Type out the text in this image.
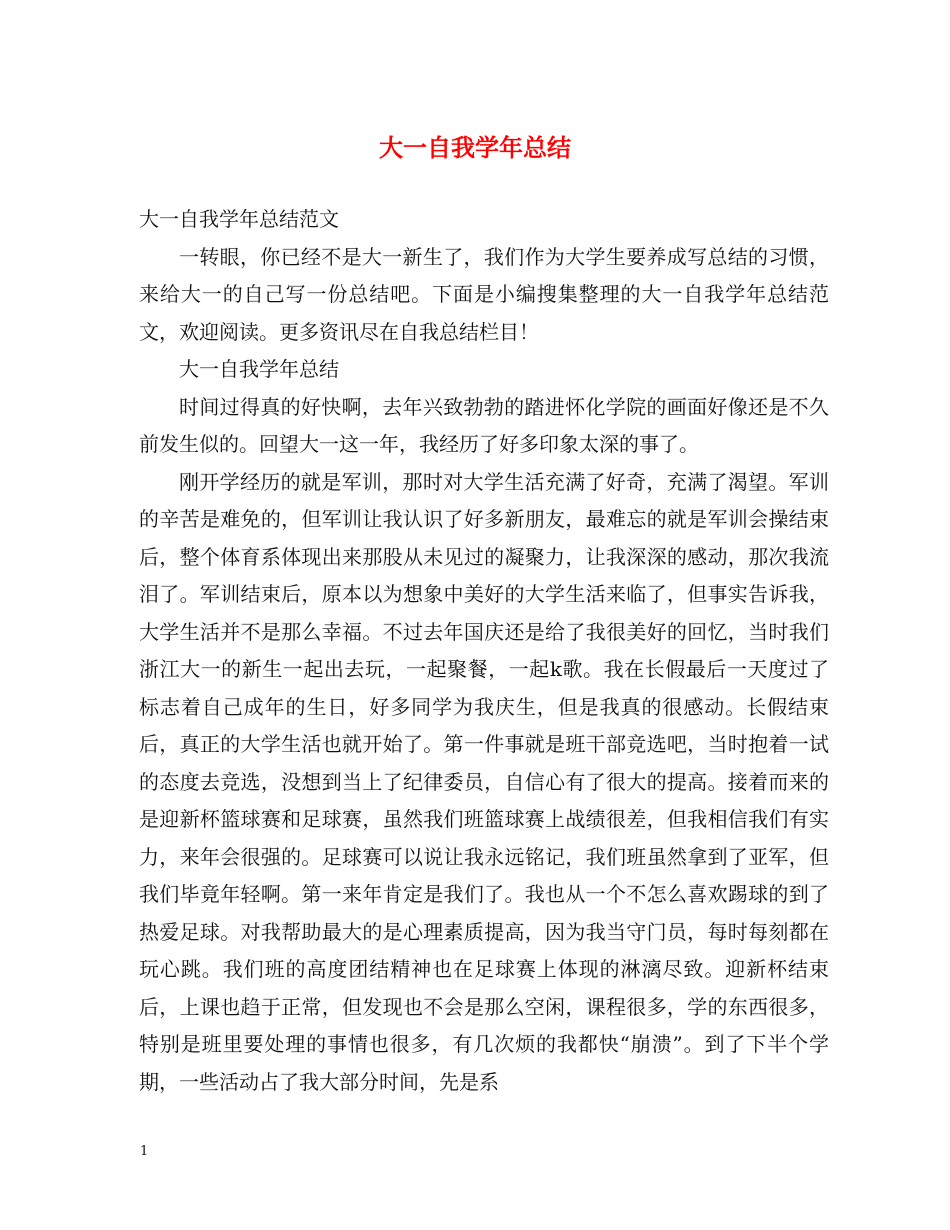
大一自我学年总结

大一自我学年总结范文

一转眼，你已经不是大一新生了，我们作为大学生要养成写总结的习惯，来给大一的自己写一份总结吧。下面是小编搜集整理的大一自我学年总结范文，欢迎阅读。更多资讯尽在自我总结栏目！

大一自我学年总结

时间过得真的好快啊，去年兴致勃勃的踏进怀化学院的画面好像还是不久前发生似的。回望大一这一年，我经历了好多印象太深的事了。

刚开学经历的就是军训，那时对大学生活充满了好奇，充满了渴望。军训的辛苦是难免的，但军训让我认识了好多新朋友，最难忘的就是军训会操结束后，整个体育系体现出来那股从未见过的凝聚力，让我深深的感动，那次我流泪了。军训结束后，原本以为想象中美好的大学生活来临了，但事实告诉我，大学生活并不是那么幸福。不过去年国庆还是给了我很美好的回忆，当时我们浙江大一的新生一起出去玩，一起聚餐，一起k歌。我在长假最后一天度过了标志着自己成年的生日，好多同学为我庆生，但是我真的很感动。长假结束后，真正的大学生活也就开始了。第一件事就是班干部竞选吧，当时抱着一试的态度去竞选，没想到当上了纪律委员，自信心有了很大的提高。接着而来的是迎新杯篮球赛和足球赛，虽然我们班篮球赛上战绩很差，但我相信我们有实力，来年会很强的。足球赛可以说让我永远铭记，我们班虽然拿到了亚军，但我们毕竟年轻啊。第一来年肯定是我们了。我也从一个不怎么喜欢踢球的到了热爱足球。对我帮助最大的是心理素质提高，因为我当守门员，每时每刻都在玩心跳。我们班的高度团结精神也在足球赛上体现的淋漓尽致。迎新杯结束后，上课也趋于正常，但发现也不会是那么空闲，课程很多，学的东西很多，特别是班里要处理的事情也很多，有几次烦的我都快“崩溃”。到了下半个学期，一些活动占了我大部分时间，先是系

1
